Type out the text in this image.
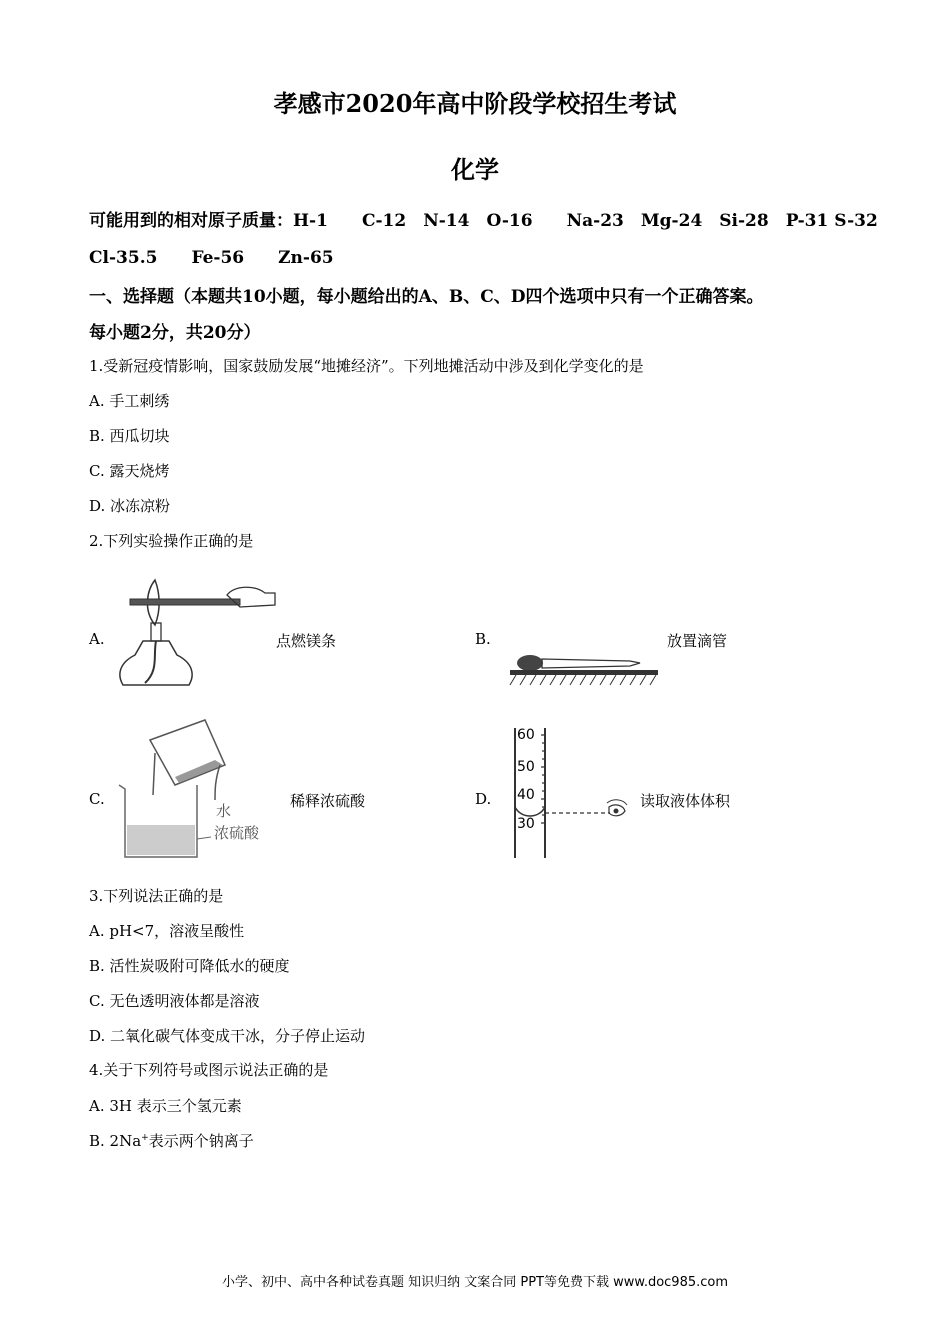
孝感市2020年高中阶段学校招生考试
化学
可能用到的相对原子质量：H-1　　C-12　N-14　O-16　　Na-23　Mg-24　Si-28　P-31 S-32
Cl-35.5　　Fe-56　　Zn-65
一、选择题（本题共10小题，每小题给出的A、B、C、D四个选项中只有一个正确答案。
每小题2分，共20分）
1.受新冠疫情影响，国家鼓励发展“地摊经济”。下列地摊活动中涉及到化学变化的是
A. 手工刺绣
B. 西瓜切块
C. 露天烧烤
D. 冰冻凉粉
2.下列实验操作正确的是
A.	点燃镁条	B.	放置滴管
C.
水
浓硫酸
稀释浓硫酸	D.
60
50
40
30
读取液体体积
3.下列说法正确的是
A. pH<7，溶液呈酸性
B. 活性炭吸附可降低水的硬度
C. 无色透明液体都是溶液
D. 二氧化碳气体变成干冰，分子停止运动
4.关于下列符号或图示说法正确的是
A. 3H 表示三个氢元素
B. 2Na+表示两个钠离子
小学、初中、高中各种试卷真题 知识归纳 文案合同 PPT等免费下载 www.doc985.com
